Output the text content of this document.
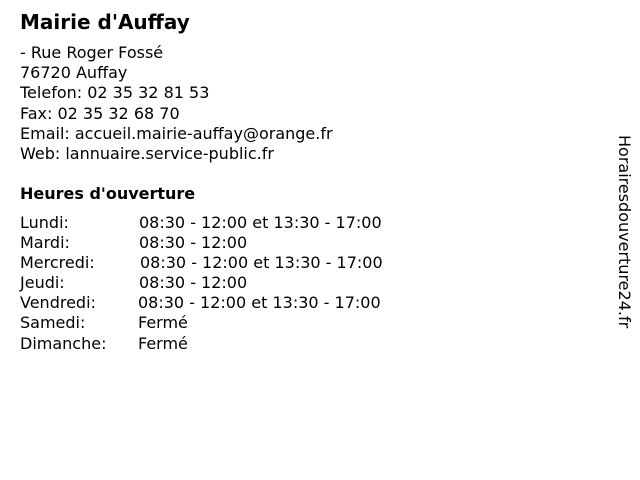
Mairie d'Auffay
- Rue Roger Fossé
76720 Auffay
Telefon: 02 35 32 81 53
Fax: 02 35 32 68 70
Email: accueil.mairie-auffay@orange.fr
Web: lannuaire.service-public.fr
Heures d'ouverture
Lundi:	08:30 - 12:00 et 13:30 - 17:00
Mardi:	08:30 - 12:00
Mercredi:	08:30 - 12:00 et 13:30 - 17:00
Jeudi:	08:30 - 12:00
Vendredi:	08:30 - 12:00 et 13:30 - 17:00
Samedi:	Fermé
Dimanche: Fermé
Horairesdouverture24.fr
